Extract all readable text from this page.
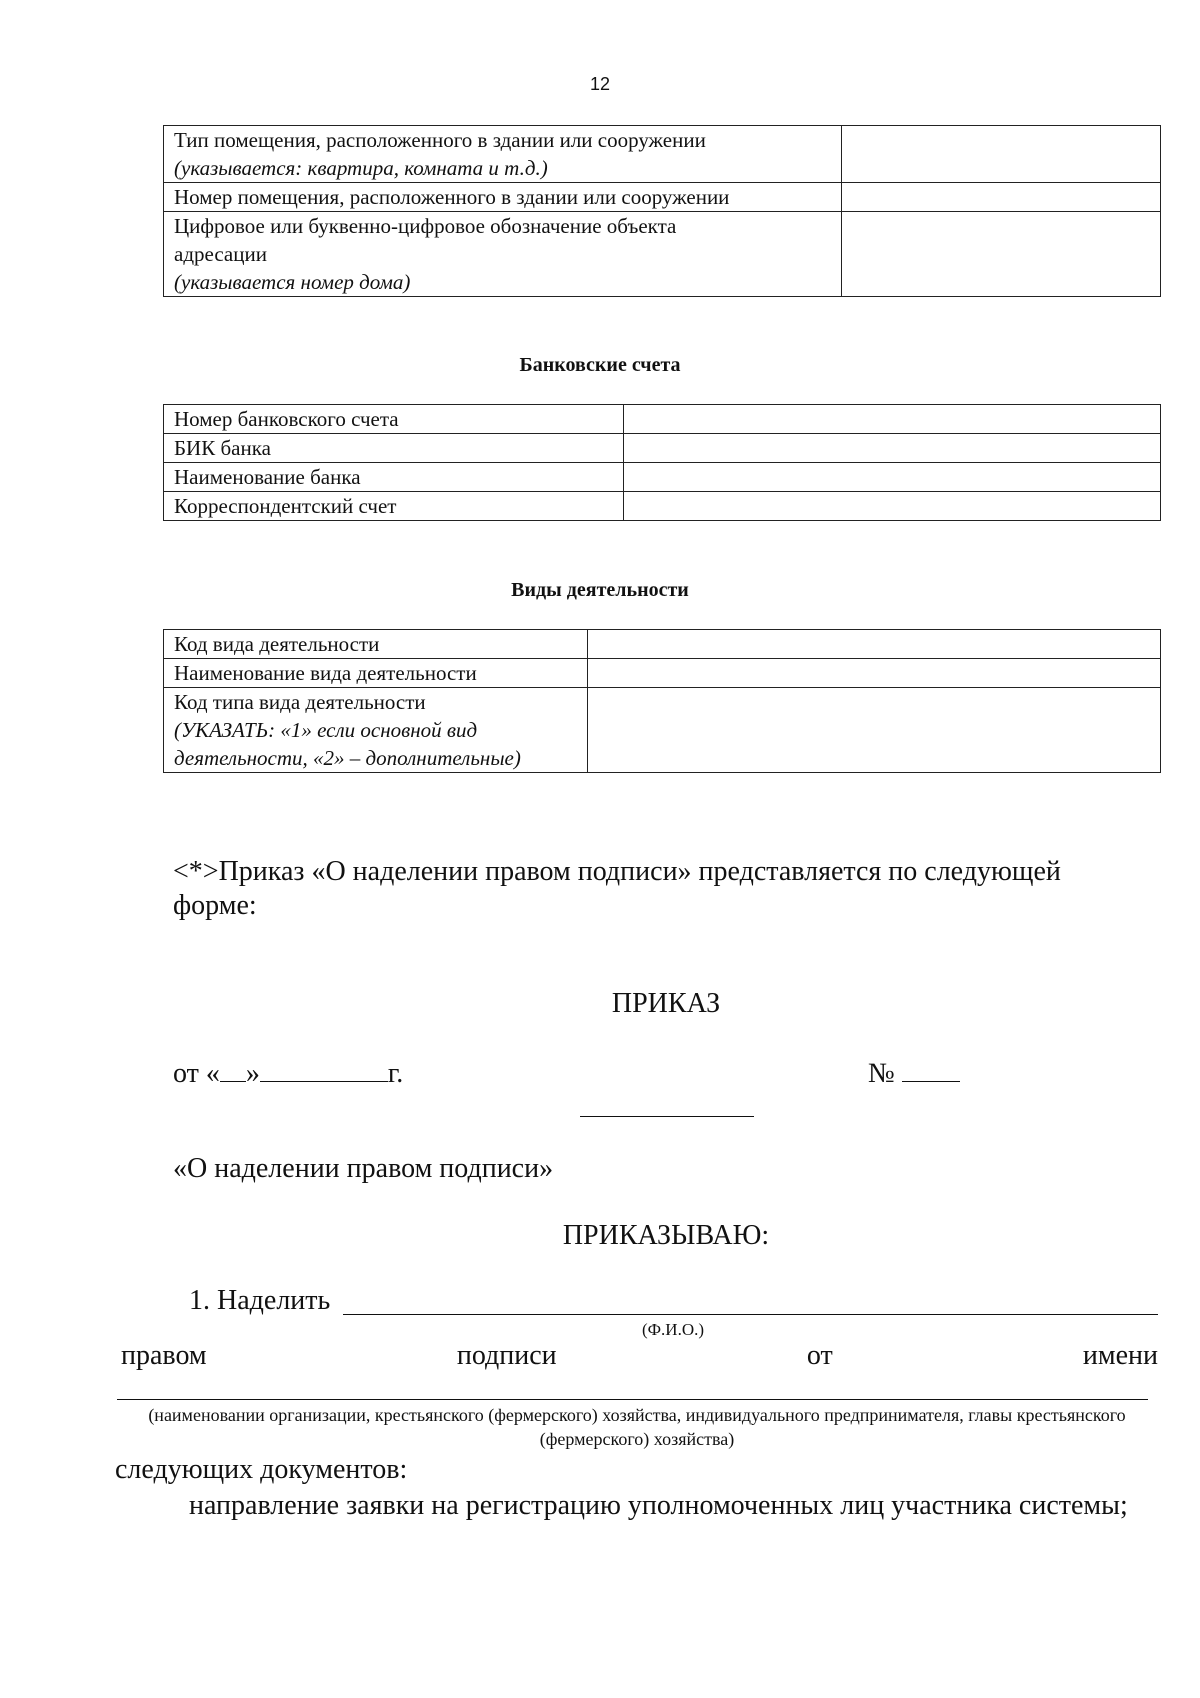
12
Тип помещения, расположенного в здании или сооружении
(указывается: квартира, комната и т.д.)	

Номер помещения, расположенного в здании или сооружении	

Цифровое или буквенно-цифровое обозначение объекта адресации
(указывается номер дома)	

Банковские счета
Номер банковского счета	
БИК банка	
Наименование банка	
Корреспондентский счет	
Виды деятельности
Код вида деятельности	
Наименование вида деятельности	

Код типа вида деятельности
(УКАЗАТЬ: «1» если основной вид деятельности, «2» – дополнительные)	

<*>Приказ «О наделении правом подписи» представляется по следующей форме:
ПРИКАЗ
от « »	г.	№
«О наделении правом подписи»
ПРИКАЗЫВАЮ:
1. Наделить
(Ф.И.О.)
правом	подписи	от	имени
(наименовании организации, крестьянского (фермерского) хозяйства, индивидуального предпринимателя, главы крестьянского (фермерского) хозяйства)
следующих документов:
направление заявки на регистрацию уполномоченных лиц участника системы;
